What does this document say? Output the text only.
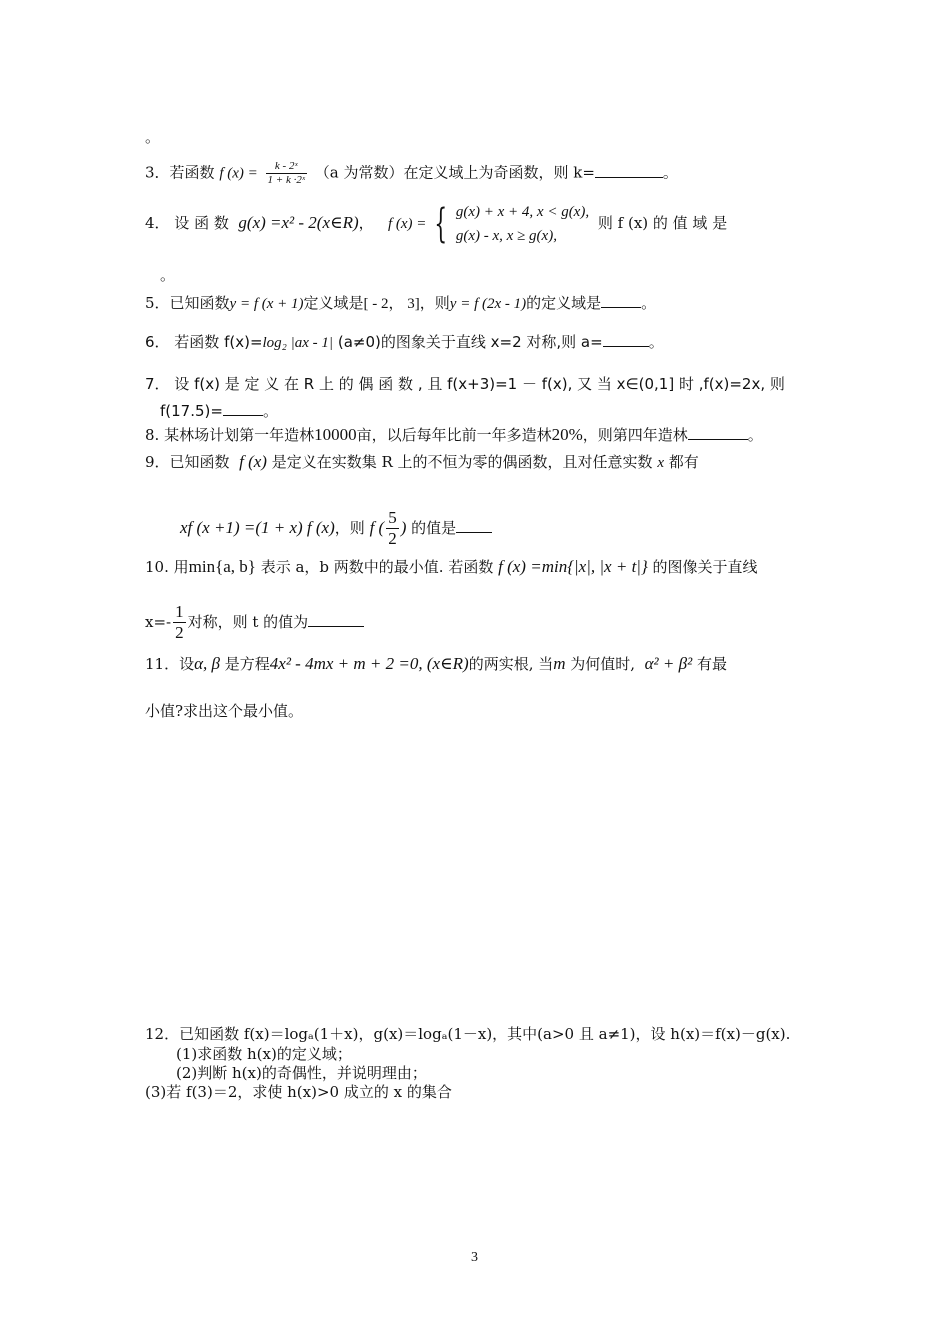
。
3．若函数 f $(x) = \frac{\text{k - 2ˣ}}{\text{1 + k ·2ˣ}} (a$ 为常数）在定义域上为奇函数，则 k=	。
4． 设 函 数 g(x) =x² - 2(x∈R)， f (x) = { g(x) + x + 4, x < g(x),
g(x) - x, x ≥ g(x),
则 f (x) 的 值 域 是
。
5．已知函数y = f (x + 1)定义域是[ - 2， 3]，则y = f (2x - 1)的定义域是	。
6． 若函数 f(x)=log₂ |ax - 1| (a≠0)的图象关于直线 x=2 对称,则 a=	。
7． 设 f(x) 是 定 义 在 R 上 的 偶 函 数 , 且 f(x+3)=1 － f(x), 又 当 x∈(0,1] 时 ,f(x)=2x, 则
f(17.5)=	。
8. 某林场计划第一年造林10000亩，以后每年比前一年多造林20%，则第四年造林	。
9．已知函数 f (x) 是定义在实数集 R 上的不恒为零的偶函数，且对任意实数 x 都有
xf (x +1) =(1 + x) f (x)，则 f ( $\frac{5}{2}$ ) 的值是
10. 用min{a, b} 表示 a，b 两数中的最小值. 若函数 f (x) =min{|x|, |x + t|} 的图像关于直线
$x=- \frac{1}{2}$ 对称，则 t 的值为
11．设α, β 是方程4x² - 4mx + m + 2 =0, (x∈R)的两实根, 当m 为何值时, α² + β² 有最
小值?求出这个最小值。
12．已知函数 f(x)＝logₐ(1＋x)，g(x)＝logₐ(1－x)，其中(a>0 且 a≠1)，设 h(x)＝f(x)－g(x).
(1)求函数 h(x)的定义域；
(2)判断 h(x)的奇偶性，并说明理由；
(3)若 f(3)＝2，求使 h(x)>0 成立的 x 的集合
3
